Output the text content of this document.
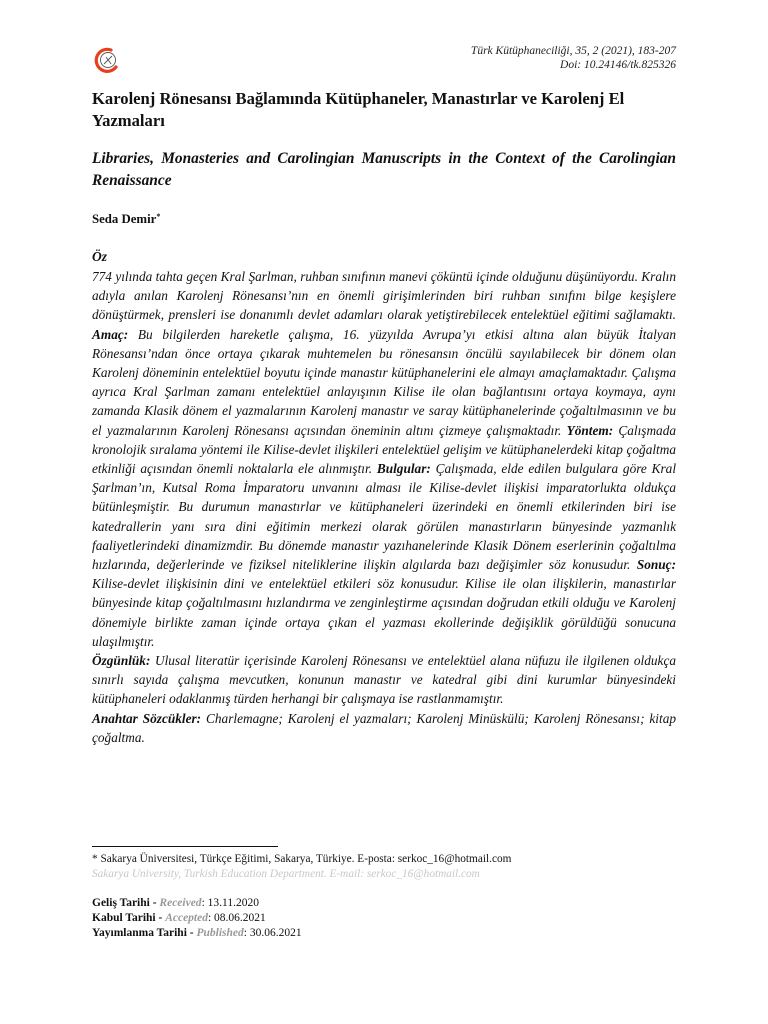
Türk Kütüphaneciliği, 35, 2 (2021), 183-207
Doi: 10.24146/tk.825326
Karolenj Rönesansı Bağlamında Kütüphaneler, Manastırlar ve Karolenj El Yazmaları
Libraries, Monasteries and Carolingian Manuscripts in the Context of the Carolingian Renaissance
Seda Demir*
Öz
774 yılında tahta geçen Kral Şarlman, ruhban sınıfının manevi çöküntü içinde olduğunu düşünüyordu. Kralın adıyla anılan Karolenj Rönesansı’nın en önemli girişimlerinden biri ruhban sınıfını bilge keşişlere dönüştürmek, prensleri ise donanımlı devlet adamları olarak yetiştirebilecek entelektüel eğitimi sağlamaktı. Amaç: Bu bilgilerden hareketle çalışma, 16. yüzyılda Avrupa’yı etkisi altına alan büyük İtalyan Rönesansı’ndan önce ortaya çıkarak muhtemelen bu rönesansın öncülü sayılabilecek bir dönem olan Karolenj döneminin entelektüel boyutu içinde manastır kütüphanelerini ele almayı amaçlamaktadır. Çalışma ayrıca Kral Şarlman zamanı entelektüel anlayışının Kilise ile olan bağlantısını ortaya koymaya, aynı zamanda Klasik dönem el yazmalarının Karolenj manastır ve saray kütüphanelerinde çoğaltılmasının ve bu el yazmalarının Karolenj Rönesansı açısından öneminin altını çizmeye çalışmaktadır. Yöntem: Çalışmada kronolojik sıralama yöntemi ile Kilise-devlet ilişkileri entelektüel gelişim ve kütüphanelerdeki kitap çoğaltma etkinliği açısından önemli noktalarla ele alınmıştır. Bulgular: Çalışmada, elde edilen bulgulara göre Kral Şarlman’ın, Kutsal Roma İmparatoru unvanını alması ile Kilise-devlet ilişkisi imparatorlukta oldukça bütünleşmiştir. Bu durumun manastırlar ve kütüphaneleri üzerindeki en önemli etkilerinden biri ise katedrallerin yanı sıra dini eğitimin merkezi olarak görülen manastırların bünyesinde yazmanlık faaliyetlerindeki dinamizmdir. Bu dönemde manastır yazıhanelerinde Klasik Dönem eserlerinin çoğaltılma hızlarında, değerlerinde ve fiziksel niteliklerine ilişkin algılarda bazı değişimler söz konusudur. Sonuç: Kilise-devlet ilişkisinin dini ve entelektüel etkileri söz konusudur. Kilise ile olan ilişkilerin, manastırlar bünyesinde kitap çoğaltılmasını hızlandırma ve zenginleştirme açısından doğrudan etkili olduğu ve Karolenj dönemiyle birlikte zaman içinde ortaya çıkan el yazması ekollerinde değişiklik görüldüğü sonucuna ulaşılmıştır.
Özgünlük: Ulusal literatür içerisinde Karolenj Rönesansı ve entelektüel alana nüfuzu ile ilgilenen oldukça sınırlı sayıda çalışma mevcutken, konunun manastır ve katedral gibi dini kurumlar bünyesindeki kütüphaneleri odaklanmış türden herhangi bir çalışmaya ise rastlanmamıştır.
Anahtar Sözcükler: Charlemagne; Karolenj el yazmaları; Karolenj Minüskülü; Karolenj Rönesansı; kitap çoğaltma.
* Sakarya Üniversitesi, Türkçe Eğitimi, Sakarya, Türkiye. E-posta: serkoc_16@hotmail.com
Sakarya University, Turkish Education Department. E-mail: serkoc_16@hotmail.com
Geliş Tarihi - Received: 13.11.2020
Kabul Tarihi - Accepted: 08.06.2021
Yayımlanma Tarihi - Published: 30.06.2021
